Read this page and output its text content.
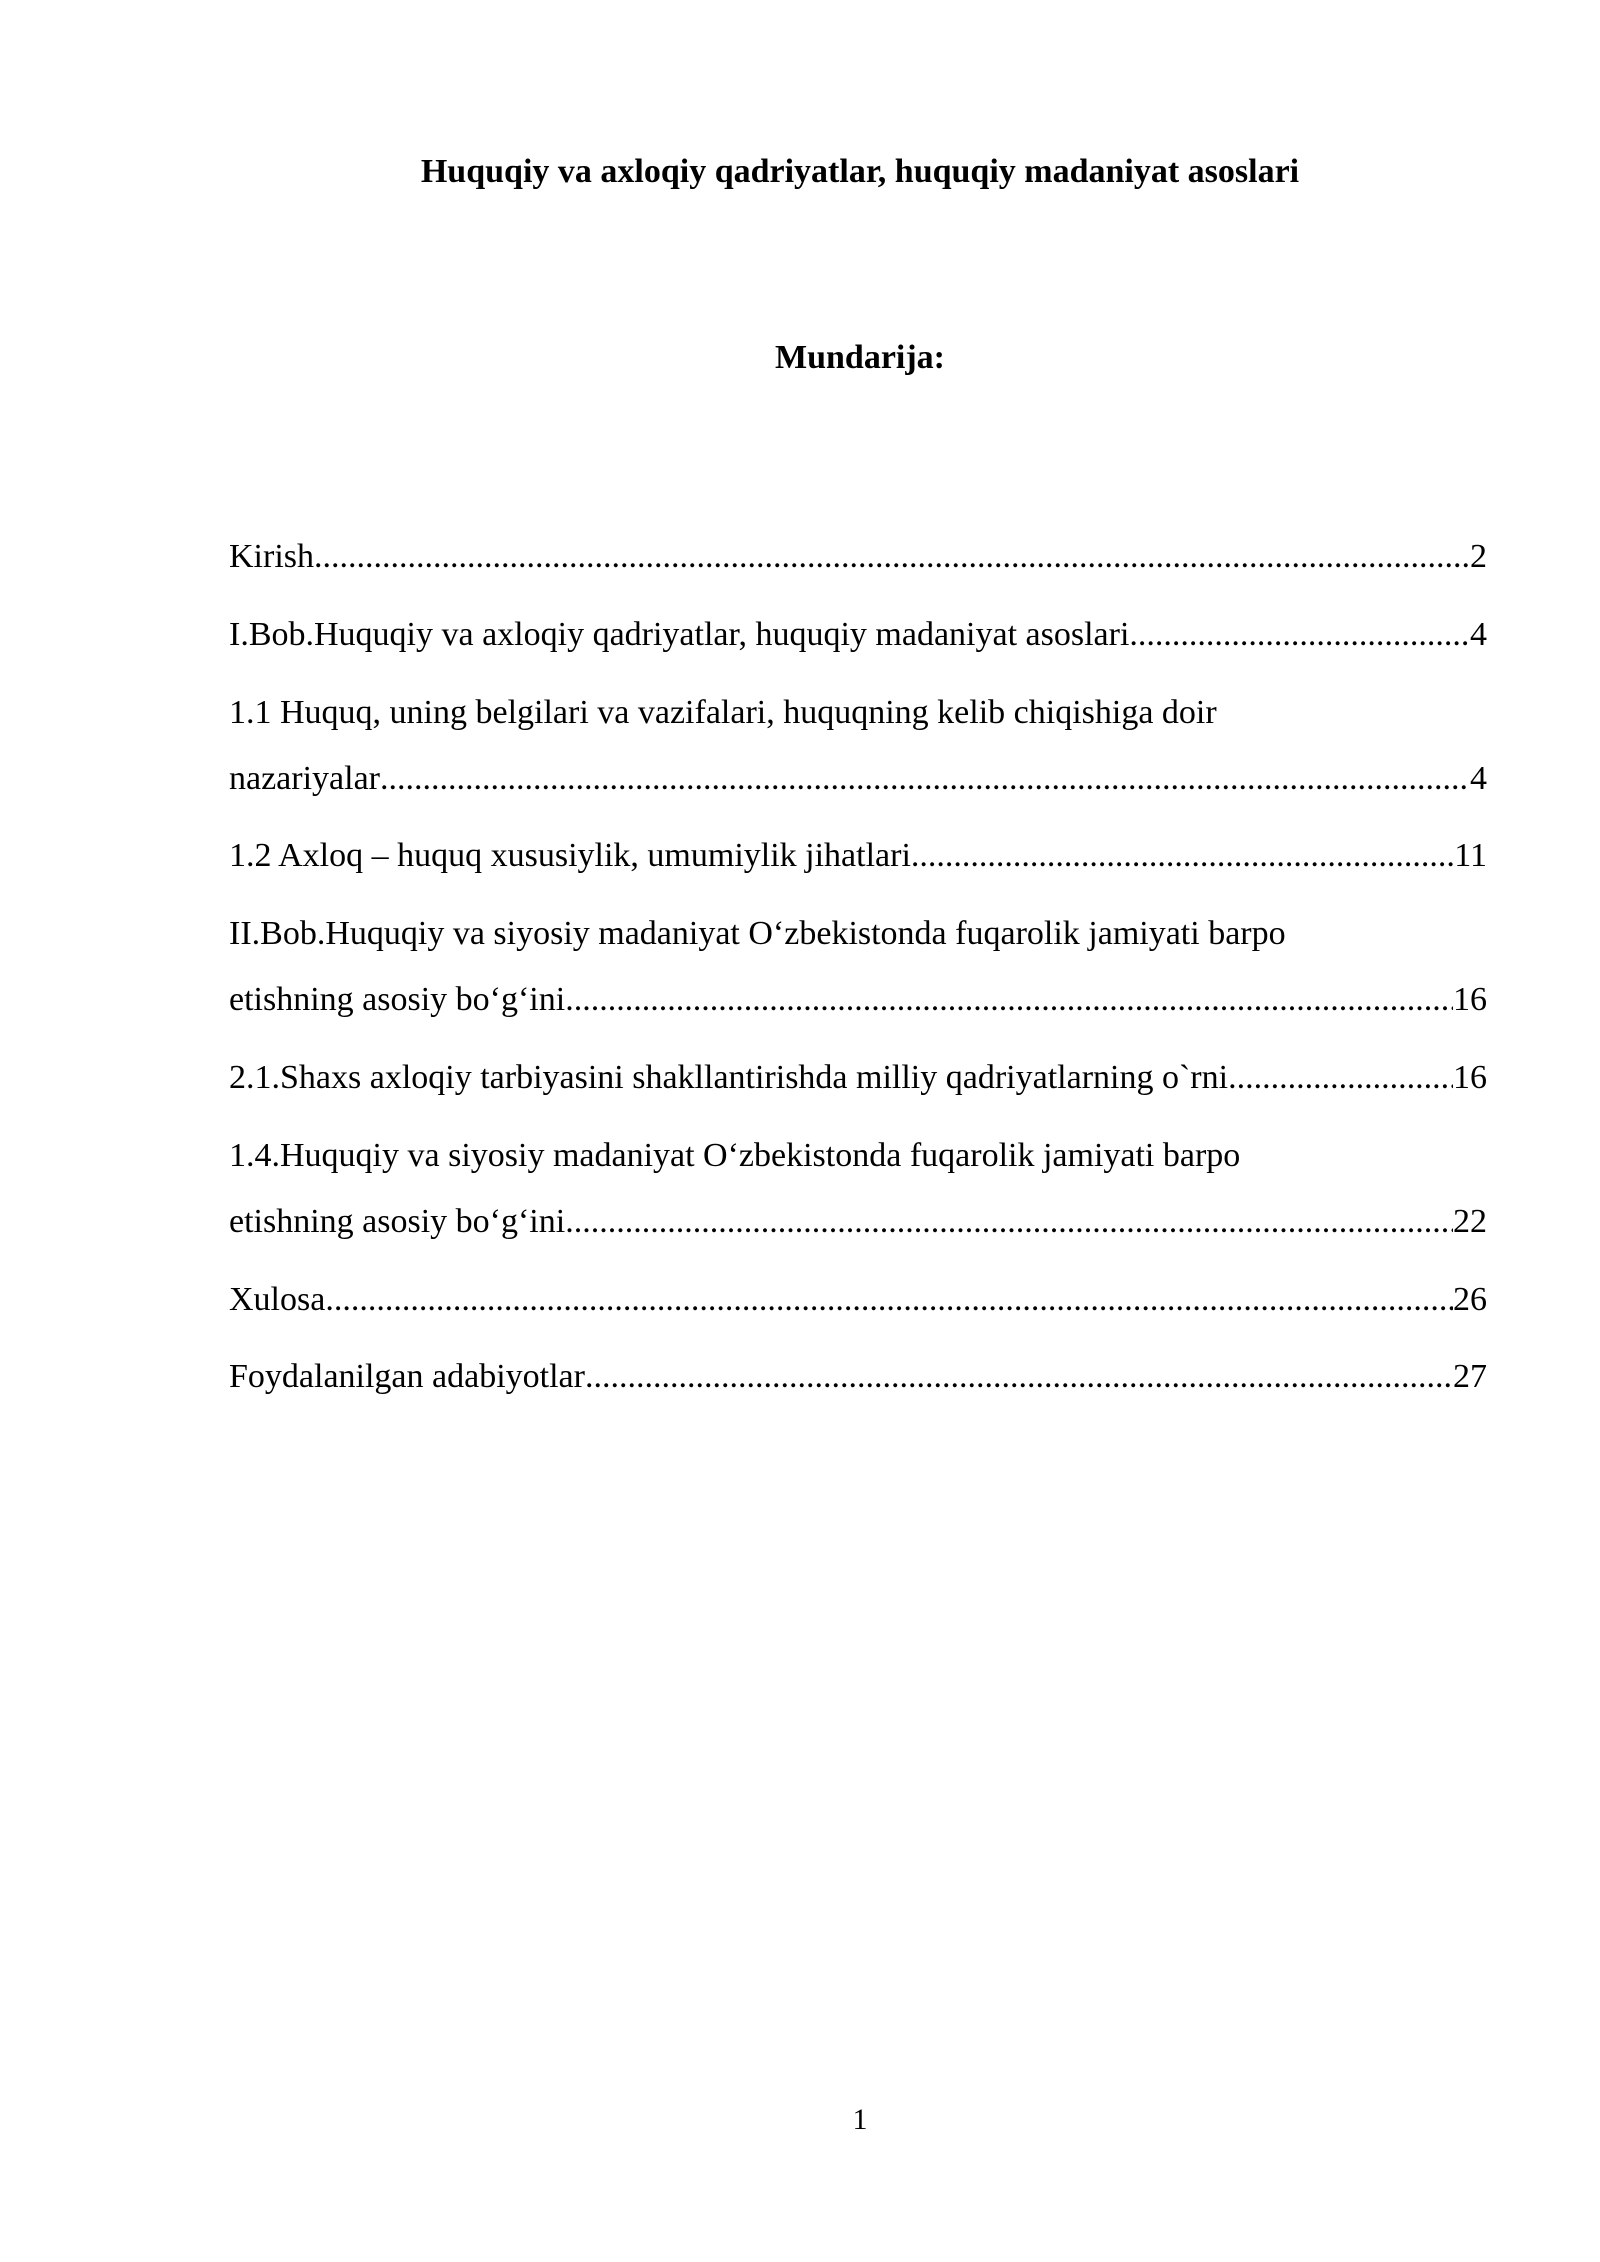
Huquqiy va axloqiy qadriyatlar, huquqiy madaniyat asoslari
Mundarija:
Kirish .....	2
I.Bob.Huquqiy va axloqiy qadriyatlar, huquqiy madaniyat asoslari .....	4
1.1 Huquq, uning belgilari va vazifalari, huquqning kelib chiqishiga doir
nazariyalar .....	4
1.2 Axloq – huquq xususiylik, umumiylik jihatlari .....	11
II.Bob.Huquqiy va siyosiy madaniyat O‘zbekistonda fuqarolik jamiyati barpo
etishning asosiy bo‘g‘ini .....	16
2.1.Shaxs axloqiy tarbiyasini shakllantirishda milliy qadriyatlarning o`rni .....	16
1.4.Huquqiy va siyosiy madaniyat O‘zbekistonda fuqarolik jamiyati barpo
etishning asosiy bo‘g‘ini .....	22
Xulosa .....	26
Foydalanilgan adabiyotlar .....	27
1
